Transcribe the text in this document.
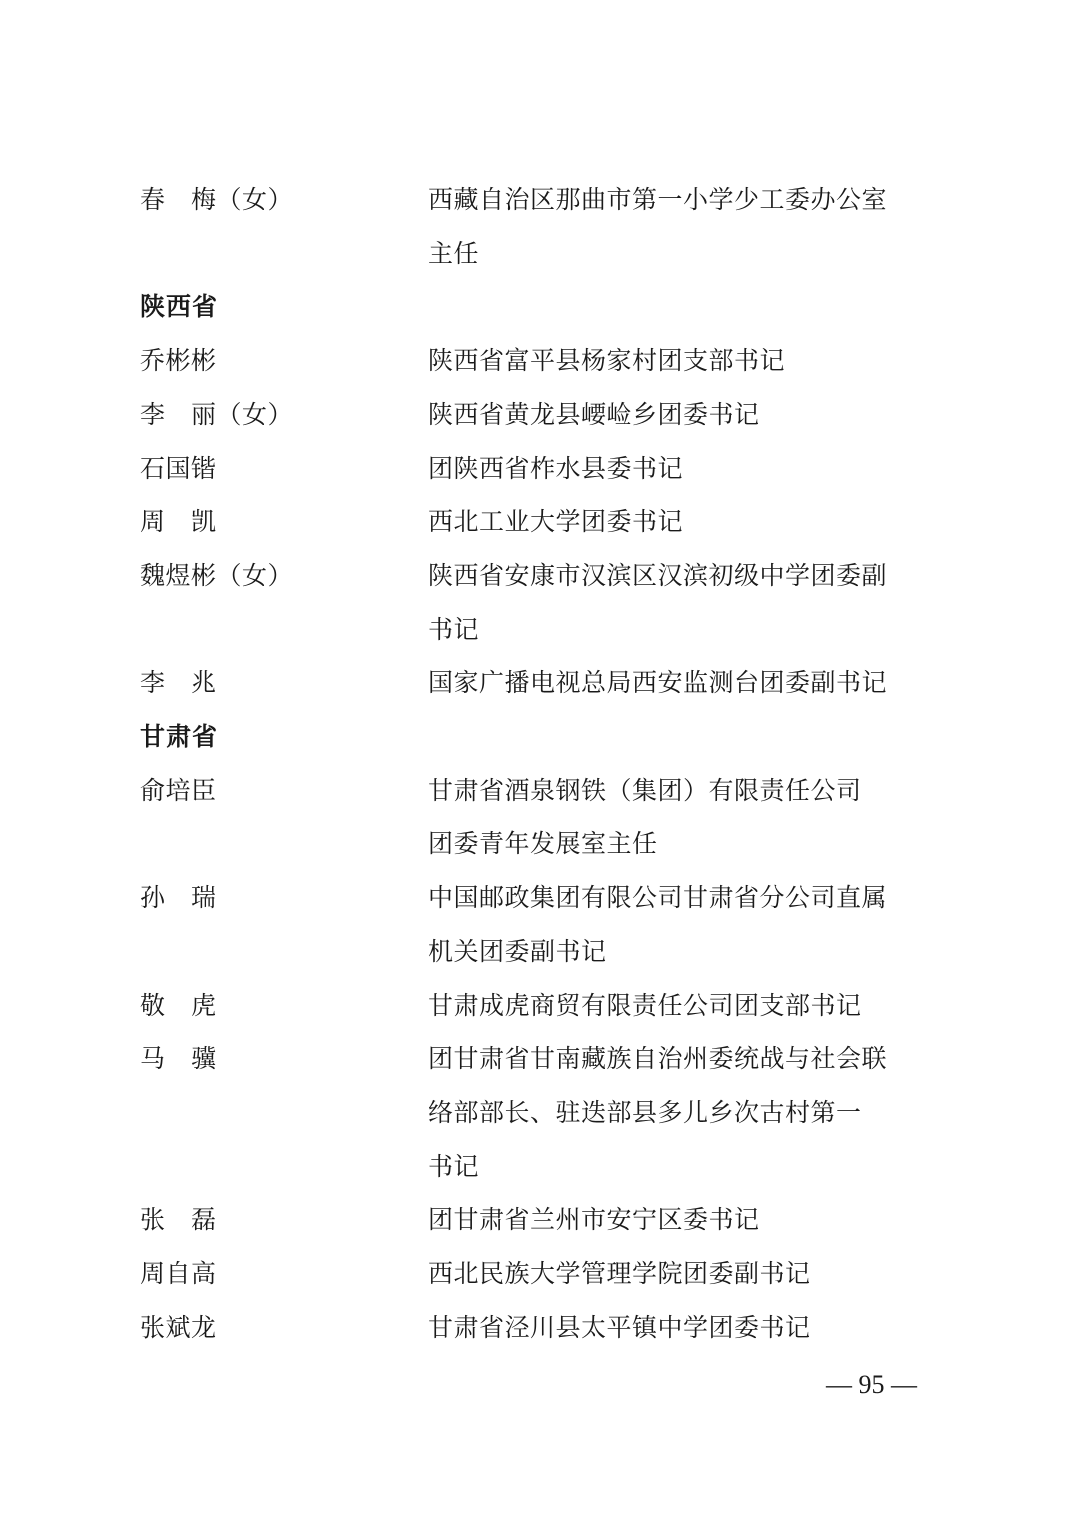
春　梅（女）	西藏自治区那曲市第一小学少工委办公室
主任
陕西省
乔彬彬	陕西省富平县杨家村团支部书记
李　丽（女）	陕西省黄龙县崾崄乡团委书记
石国锴	团陕西省柞水县委书记
周　凯	西北工业大学团委书记
魏煜彬（女）	陕西省安康市汉滨区汉滨初级中学团委副
书记
李　兆	国家广播电视总局西安监测台团委副书记
甘肃省
俞培臣	甘肃省酒泉钢铁（集团）有限责任公司
团委青年发展室主任
孙　瑞	中国邮政集团有限公司甘肃省分公司直属
机关团委副书记
敬　虎	甘肃成虎商贸有限责任公司团支部书记
马　骥	团甘肃省甘南藏族自治州委统战与社会联
络部部长、驻迭部县多儿乡次古村第一
书记
张　磊	团甘肃省兰州市安宁区委书记
周自高	西北民族大学管理学院团委副书记
张斌龙	甘肃省泾川县太平镇中学团委书记
— 95 —
